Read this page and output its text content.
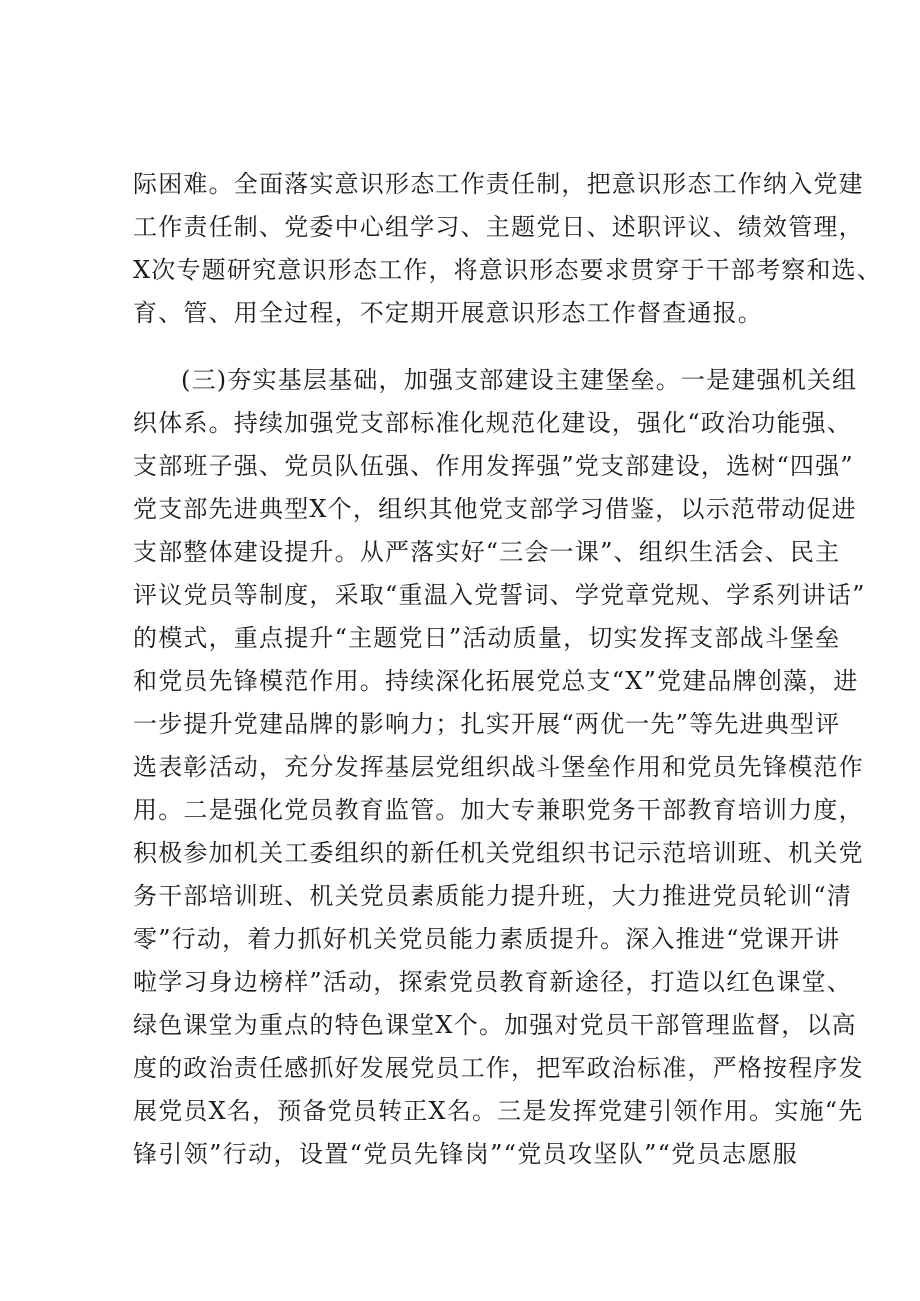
际困难。全面落实意识形态工作责任制，把意识形态工作纳入党建
工作责任制、党委中心组学习、主题党日、述职评议、绩效管理，
X次专题研究意识形态工作，将意识形态要求贯穿于干部考察和选、
育、管、用全过程，不定期开展意识形态工作督查通报。
(三)夯实基层基础，加强支部建设主建堡垒。一是建强机关组
织体系。持续加强党支部标准化规范化建设，强化“政治功能强、
支部班子强、党员队伍强、作用发挥强”党支部建设，选树“四强”
党支部先进典型X个，组织其他党支部学习借鉴，以示范带动促进
支部整体建设提升。从严落实好“三会一课”、组织生活会、民主
评议党员等制度，采取“重温入党誓词、学党章党规、学系列讲话”
的模式，重点提升“主题党日”活动质量，切实发挥支部战斗堡垒
和党员先锋模范作用。持续深化拓展党总支“X”党建品牌创藻，进
一步提升党建品牌的影响力；扎实开展“两优一先”等先进典型评
选表彰活动，充分发挥基层党组织战斗堡垒作用和党员先锋模范作
用。二是强化党员教育监管。加大专兼职党务干部教育培训力度，
积极参加机关工委组织的新任机关党组织书记示范培训班、机关党
务干部培训班、机关党员素质能力提升班，大力推进党员轮训“清
零”行动，着力抓好机关党员能力素质提升。深入推进“党课开讲
啦学习身边榜样”活动，探索党员教育新途径，打造以红色课堂、
绿色课堂为重点的特色课堂X个。加强对党员干部管理监督，以高
度的政治责任感抓好发展党员工作，把军政治标准，严格按程序发
展党员X名，预备党员转正X名。三是发挥党建引领作用。实施“先
锋引领”行动，设置“党员先锋岗”“党员攻坚队”“党员志愿服
